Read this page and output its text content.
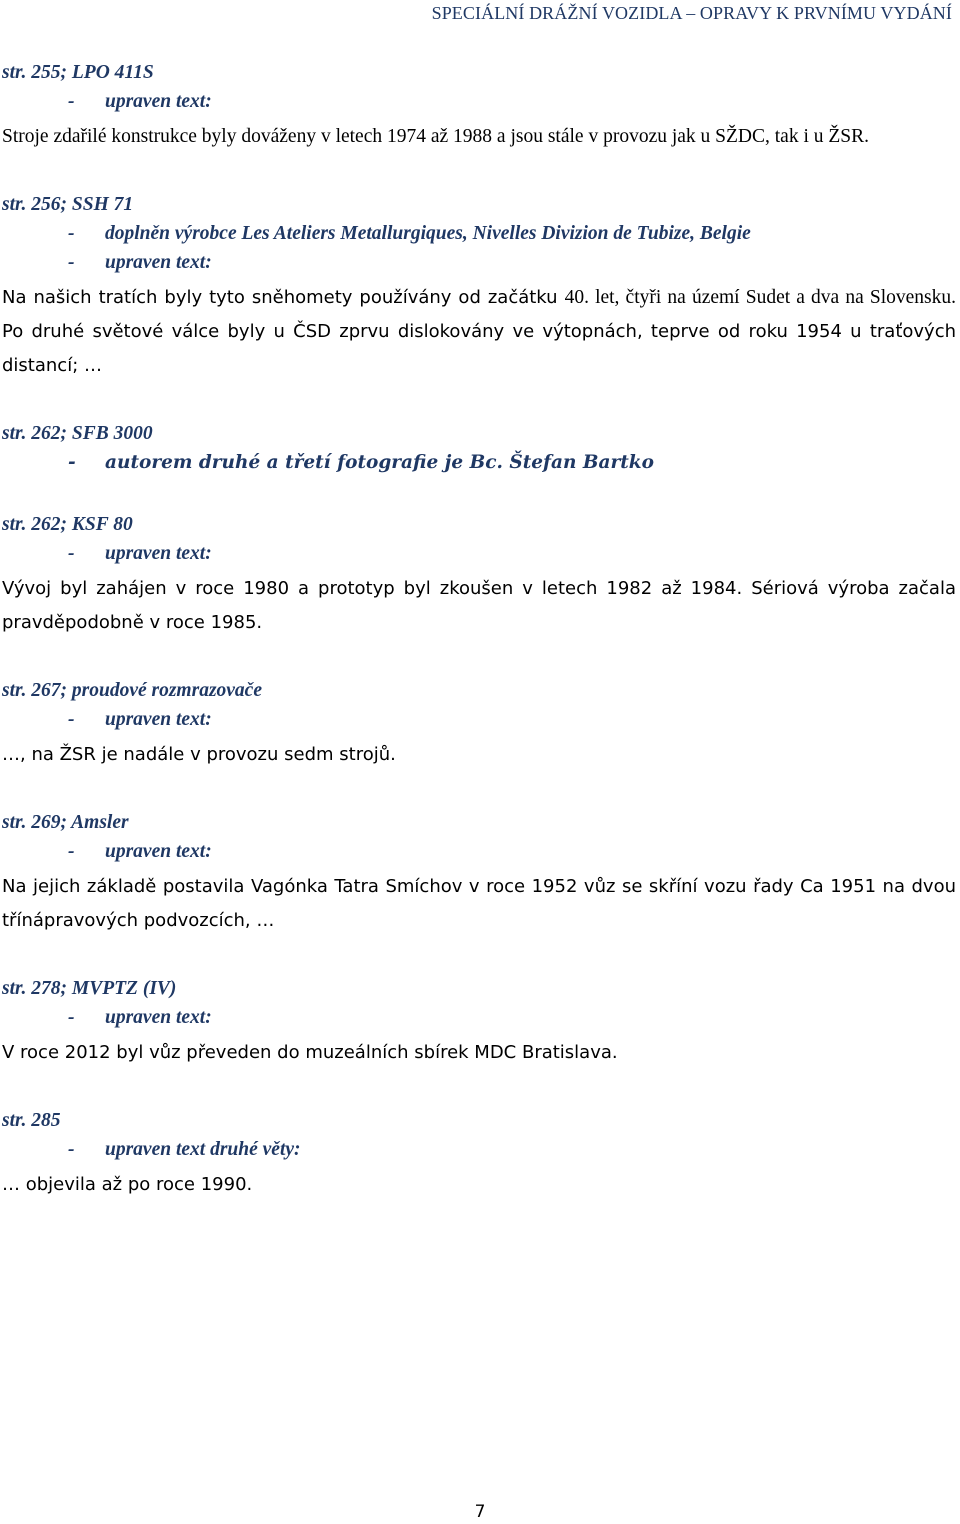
SPECIÁLNÍ DRÁŽNÍ VOZIDLA – OPRAVY K PRVNÍMU VYDÁNÍ
str. 255; LPO 411S
- upraven text:

Stroje zdařilé konstrukce byly dováženy v letech 1974 až 1988 a jsou stále v provozu jak u SŽDC, tak i u ŽSR.

str. 256; SSH 71
- doplněn výrobce Les Ateliers Metallurgiques, Nivelles Divizion de Tubize, Belgie
- upraven text:

Na našich tratích byly tyto sněhomety používány od začátku 40. let, čtyři na území Sudet a dva na Slovensku. Po druhé světové válce byly u ČSD zprvu dislokovány ve výtopnách, teprve od roku 1954 u traťových distancí; …

str. 262; SFB 3000
- autorem druhé a třetí fotografie je Bc. Štefan Bartko
str. 262; KSF 80
- upraven text:

Vývoj byl zahájen v roce 1980 a prototyp byl zkoušen v letech 1982 až 1984. Sériová výroba začala pravděpodobně v roce 1985.

str. 267; proudové rozmrazovače
- upraven text:

…, na ŽSR je nadále v provozu sedm strojů.

str. 269; Amsler
- upraven text:

Na jejich základě postavila Vagónka Tatra Smíchov v roce 1952 vůz se skříní vozu řady Ca 1951 na dvou třínápravových podvozcích, …

str. 278; MVPTZ (IV)
- upraven text:

V roce 2012 byl vůz převeden do muzeálních sbírek MDC Bratislava.

str. 285
- upraven text druhé věty:

… objevila až po roce 1990.

7
